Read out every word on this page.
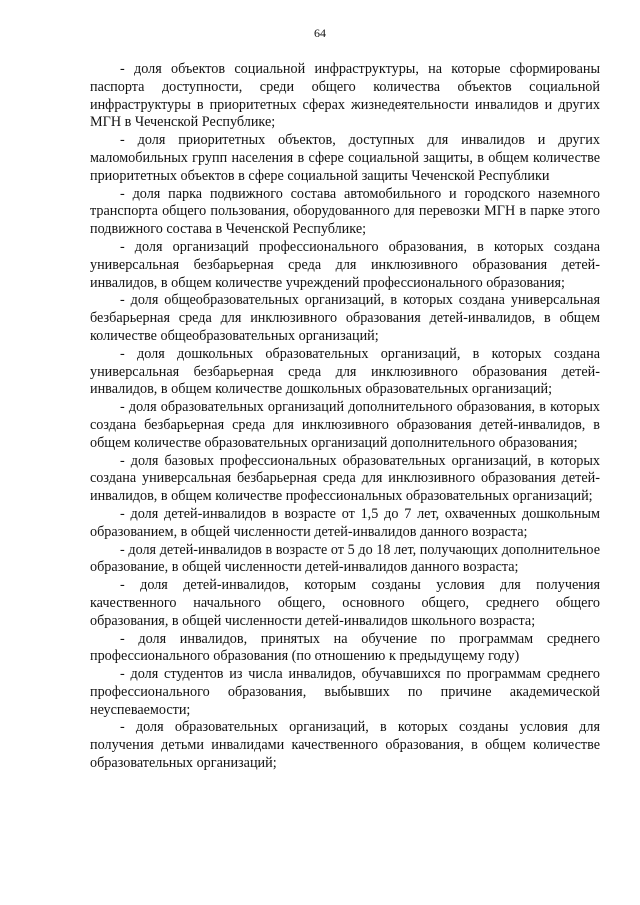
64

- доля объектов социальной инфраструктуры, на которые сформированы паспорта доступности, среди общего количества объектов социальной инфраструктуры в приоритетных сферах жизнедеятельности инвалидов и других МГН в Чеченской Республике;

- доля приоритетных объектов, доступных для инвалидов и других маломобильных групп населения в сфере социальной защиты, в общем количестве приоритетных объектов в сфере социальной защиты Чеченской Республики

- доля парка подвижного состава автомобильного и городского наземного транспорта общего пользования, оборудованного для перевозки МГН в парке этого подвижного состава в Чеченской Республике;

- доля организаций профессионального образования, в которых создана универсальная безбарьерная среда для инклюзивного образования детей-инвалидов, в общем количестве учреждений профессионального образования;

- доля общеобразовательных организаций, в которых создана универсальная безбарьерная среда для инклюзивного образования детей-инвалидов, в общем количестве общеобразовательных организаций;

- доля дошкольных образовательных организаций, в которых создана универсальная безбарьерная среда для инклюзивного образования детей-инвалидов, в общем количестве дошкольных образовательных организаций;

- доля образовательных организаций дополнительного образования, в которых создана безбарьерная среда для инклюзивного образования детей-инвалидов, в общем количестве образовательных организаций дополнительного образования;

- доля базовых профессиональных образовательных организаций, в которых создана универсальная безбарьерная среда для инклюзивного образования детей-инвалидов, в общем количестве профессиональных образовательных организаций;

- доля детей-инвалидов в возрасте от 1,5 до 7 лет, охваченных дошкольным образованием, в общей численности детей-инвалидов данного возраста;

- доля детей-инвалидов в возрасте от 5 до 18 лет, получающих дополнительное образование, в общей численности детей-инвалидов данного возраста;

- доля детей-инвалидов, которым созданы условия для получения качественного начального общего, основного общего, среднего общего образования, в общей численности детей-инвалидов школьного возраста;

- доля инвалидов, принятых на обучение по программам среднего профессионального образования (по отношению к предыдущему году)

- доля студентов из числа инвалидов, обучавшихся по программам среднего профессионального образования, выбывших по причине академической неуспеваемости;

- доля образовательных организаций, в которых созданы условия для получения детьми инвалидами качественного образования, в общем количестве образовательных организаций;
